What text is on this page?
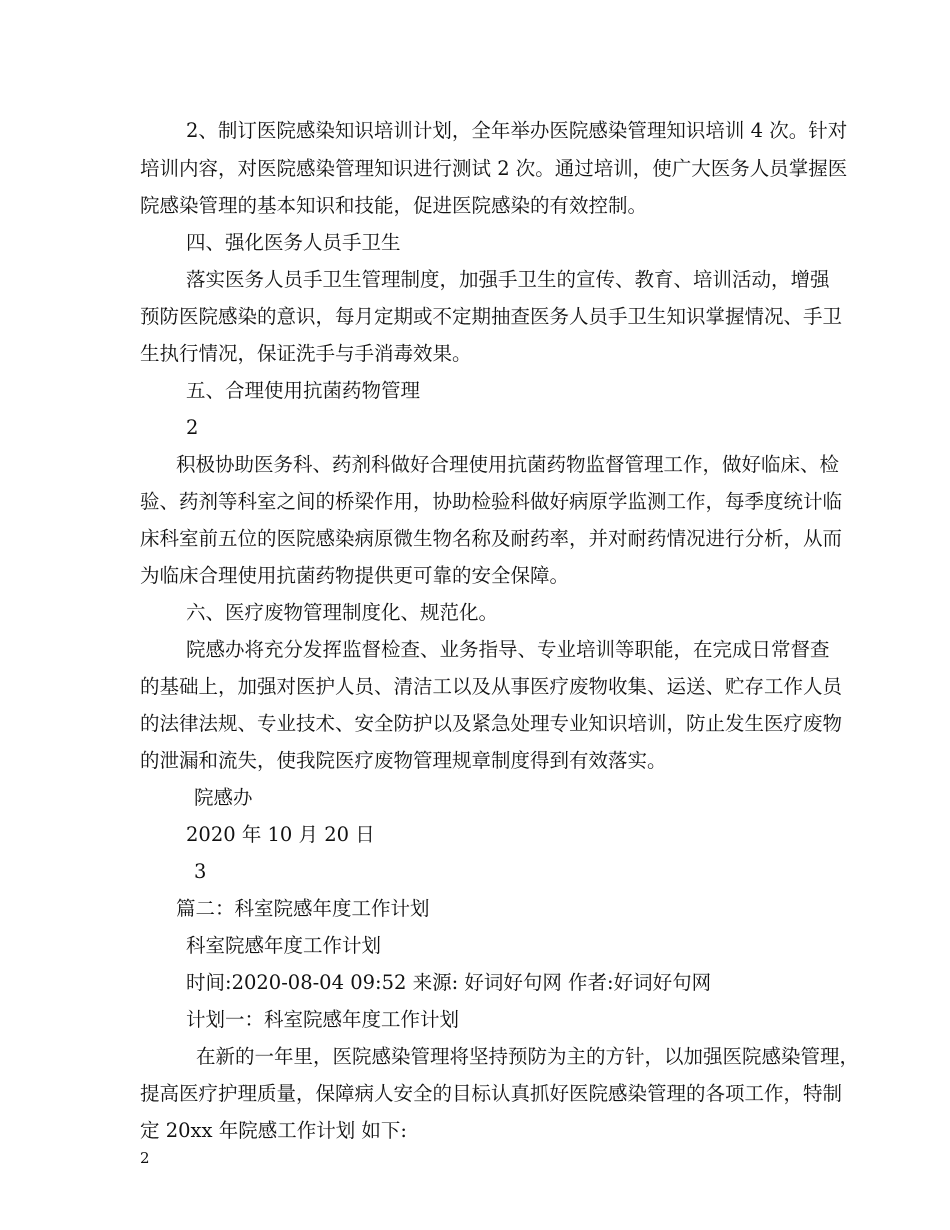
2、制订医院感染知识培训计划，全年举办医院感染管理知识培训 4 次。针对
培训内容，对医院感染管理知识进行测试 2 次。通过培训，使广大医务人员掌握医
院感染管理的基本知识和技能，促进医院感染的有效控制。
四、强化医务人员手卫生
落实医务人员手卫生管理制度，加强手卫生的宣传、教育、培训活动，增强
预防医院感染的意识，每月定期或不定期抽查医务人员手卫生知识掌握情况、手卫
生执行情况，保证洗手与手消毒效果。
五、合理使用抗菌药物管理
2
积极协助医务科、药剂科做好合理使用抗菌药物监督管理工作，做好临床、检
验、药剂等科室之间的桥梁作用，协助检验科做好病原学监测工作，每季度统计临
床科室前五位的医院感染病原微生物名称及耐药率，并对耐药情况进行分析，从而
为临床合理使用抗菌药物提供更可靠的安全保障。
六、医疗废物管理制度化、规范化。
院感办将充分发挥监督检查、业务指导、专业培训等职能，在完成日常督查
的基础上，加强对医护人员、清洁工以及从事医疗废物收集、运送、贮存工作人员
的法律法规、专业技术、安全防护以及紧急处理专业知识培训，防止发生医疗废物
的泄漏和流失，使我院医疗废物管理规章制度得到有效落实。
院感办
2020 年 10 月 20 日
3
篇二：科室院感年度工作计划
科室院感年度工作计划
时间:2020-08-04 09:52 来源: 好词好句网 作者:好词好句网
计划一：科室院感年度工作计划
在新的一年里，医院感染管理将坚持预防为主的方针，以加强医院感染管理，
提高医疗护理质量，保障病人安全的目标认真抓好医院感染管理的各项工作，特制
定 20xx 年院感工作计划 如下:
2
